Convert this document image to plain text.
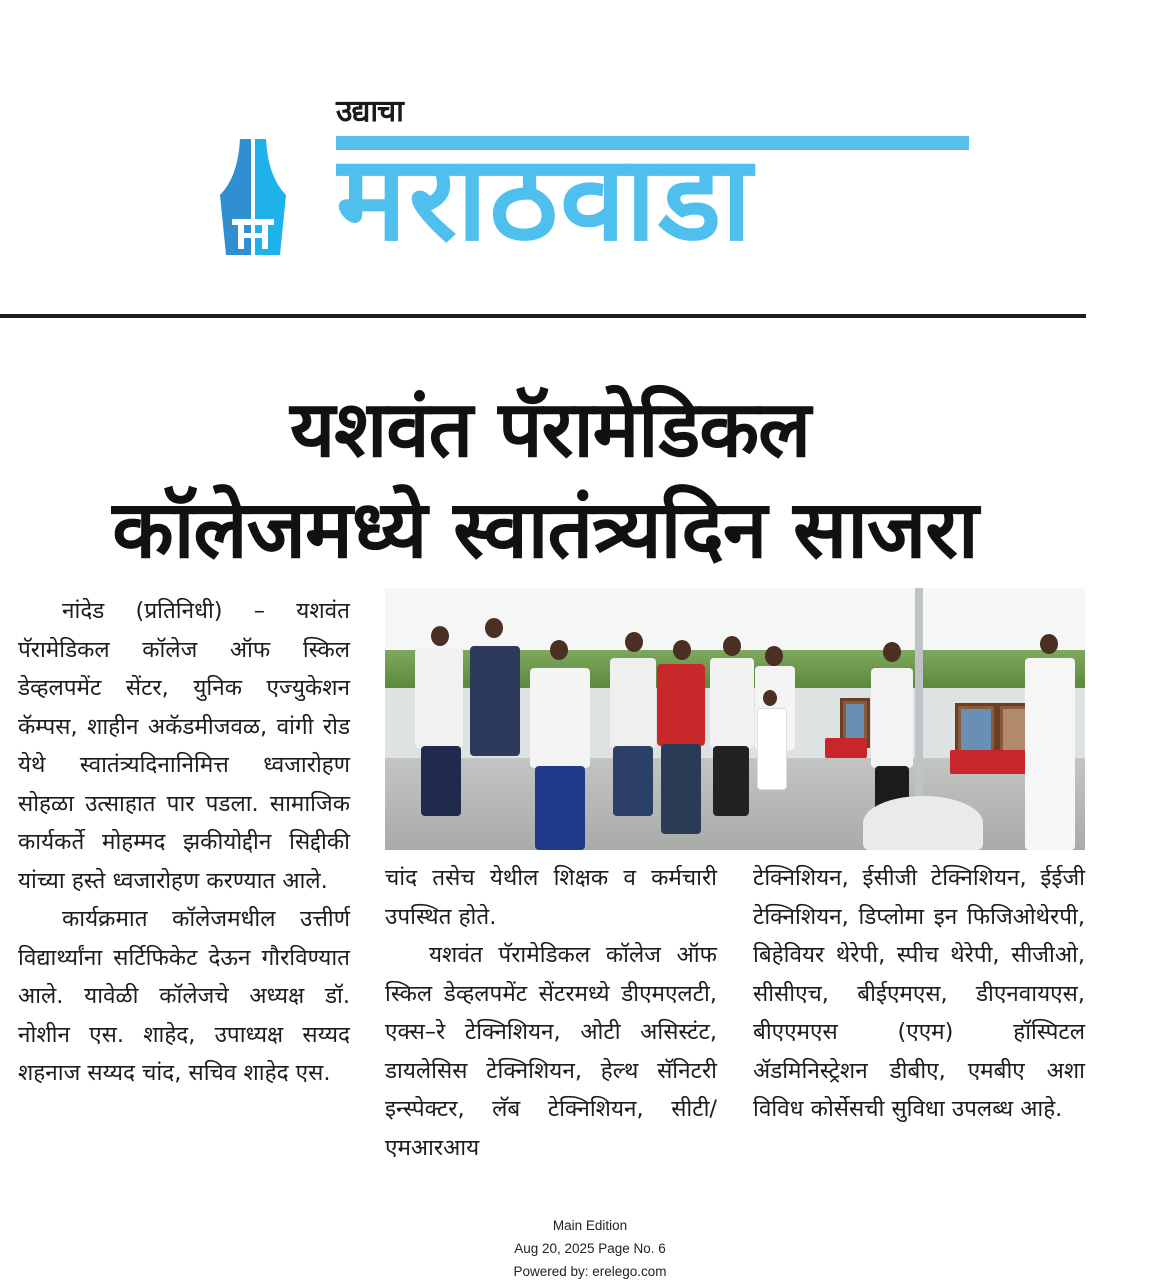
उद्याचा
मराठवाडा
यशवंत पॅरामेडिकल
कॉलेजमध्ये स्वातंत्र्यदिन साजरा

नांदेड (प्रतिनिधी) – यशवंत पॅरामेडिकल कॉलेज ऑफ स्किल डेव्हलपमेंट सेंटर, युनिक एज्युकेशन कॅम्पस, शाहीन अकॅडमीजवळ, वांगी रोड येथे स्वातंत्र्यदिनानिमित्त ध्वजारोहण सोहळा उत्साहात पार पडला. सामाजिक कार्यकर्ते मोहम्मद झकीयोद्दीन सिद्दीकी यांच्या हस्ते ध्वजारोहण करण्यात आले.

कार्यक्रमात कॉलेजमधील उत्तीर्ण विद्यार्थ्यांना सर्टिफिकेट देऊन गौरविण्यात आले. यावेळी कॉलेजचे अध्यक्ष डॉ. नोशीन एस. शाहेद, उपाध्यक्ष सय्यद शहनाज सय्यद चांद, सचिव शाहेद एस.

चांद तसेच येथील शिक्षक व कर्मचारी उपस्थित होते.

यशवंत पॅरामेडिकल कॉलेज ऑफ स्किल डेव्हलपमेंट सेंटरमध्ये डीएमएलटी, एक्स–रे टेक्निशियन, ओटी असिस्टंट, डायलेसिस टेक्निशियन, हेल्थ सॅनिटरी इन्स्पेक्टर, लॅब टेक्निशियन, सीटी/एमआरआय

टेक्निशियन, ईसीजी टेक्निशियन, ईईजी टेक्निशियन, डिप्लोमा इन फिजिओथेरपी, बिहेवियर थेरेपी, स्पीच थेरेपी, सीजीओ, सीसीएच, बीईएमएस, डीएनवायएस, बीएएमएस (एएम) हॉस्पिटल ॲडमिनिस्ट्रेशन डीबीए, एमबीए अशा विविध कोर्सेसची सुविधा उपलब्ध आहे.

Main Edition
Aug 20, 2025 Page No. 6
Powered by: erelego.com
